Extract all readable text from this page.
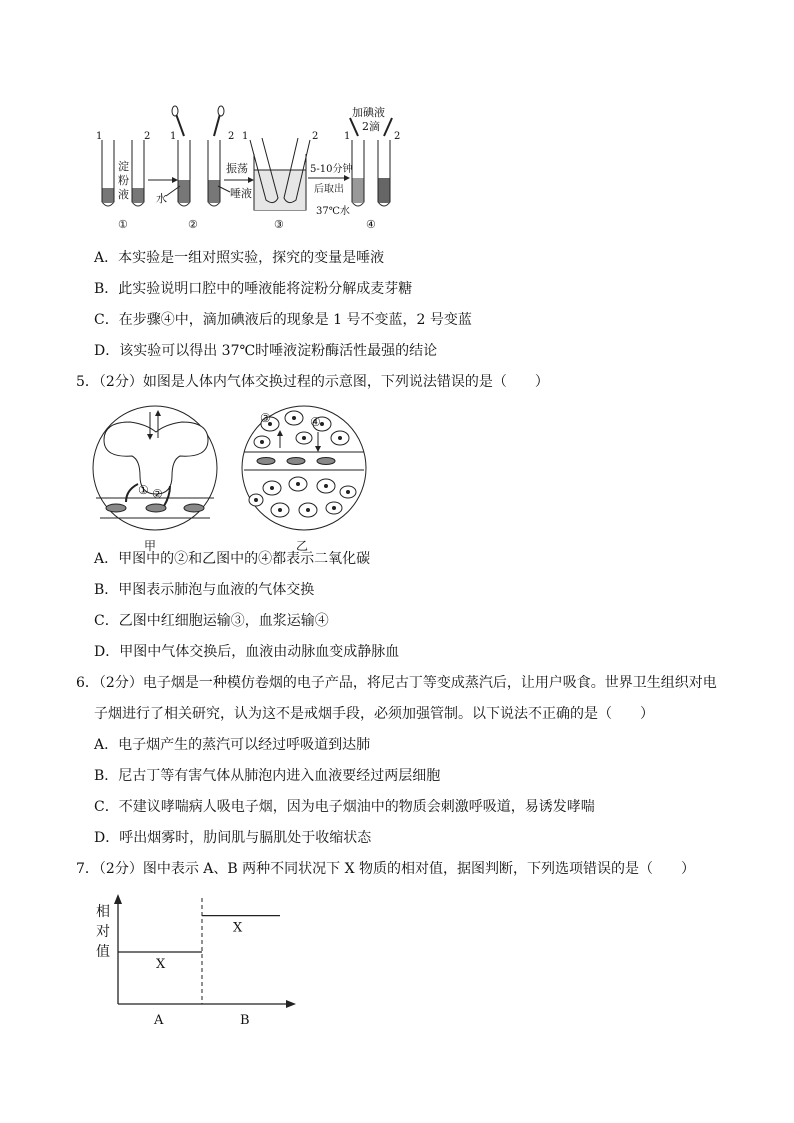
1	2
淀
粉
液
①
1	2
水
②
振荡
唾液
1	2
③
37℃水
5-10分钟
后取出
加碘液
2滴
1	2
④
A．本实验是一组对照实验，探究的变量是唾液
B．此实验说明口腔中的唾液能将淀粉分解成麦芽糖
C．在步骤④中，滴加碘液后的现象是 1 号不变蓝，2 号变蓝
D．该实验可以得出 37℃时唾液淀粉酶活性最强的结论
5．（2分）如图是人体内气体交换过程的示意图，下列说法错误的是（　　）
① ②
甲
③	④
乙
A．甲图中的②和乙图中的④都表示二氧化碳
B．甲图表示肺泡与血液的气体交换
C．乙图中红细胞运输③，血浆运输④
D．甲图中气体交换后，血液由动脉血变成静脉血
6．（2分）电子烟是一种模仿卷烟的电子产品，将尼古丁等变成蒸汽后，让用户吸食。世界卫生组织对电
子烟进行了相关研究，认为这不是戒烟手段，必须加强管制。以下说法不正确的是（　　）
A．电子烟产生的蒸汽可以经过呼吸道到达肺
B．尼古丁等有害气体从肺泡内进入血液要经过两层细胞
C．不建议哮喘病人吸电子烟，因为电子烟油中的物质会刺激呼吸道，易诱发哮喘
D．呼出烟雾时，肋间肌与膈肌处于收缩状态
7．（2分）图中表示 A、B 两种不同状况下 X 物质的相对值，据图判断，下列选项错误的是（　　）
相
对
值
X
X
A	B
